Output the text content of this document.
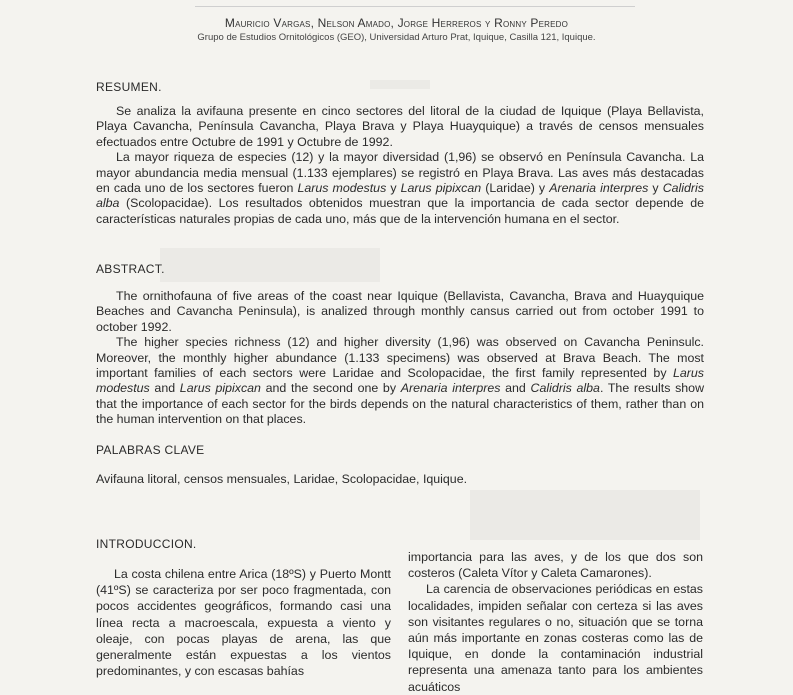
Mauricio Vargas, Nelson Amado, Jorge Herreros y Ronny Peredo
Grupo de Estudios Ornitológicos (GEO), Universidad Arturo Prat, Iquique, Casilla 121, Iquique.
RESUMEN.

Se analiza la avifauna presente en cinco sectores del litoral de la ciudad de Iquique (Playa Bellavista, Playa Cavancha, Península Cavancha, Playa Brava y Playa Huayquique) a través de censos mensuales efectuados entre Octubre de 1991 y Octubre de 1992.

La mayor riqueza de especies (12) y la mayor diversidad (1,96) se observó en Península Cavancha. La mayor abundancia media mensual (1.133 ejemplares) se registró en Playa Brava. Las aves más destacadas en cada uno de los sectores fueron Larus modestus y Larus pipixcan (Laridae) y Arenaria interpres y Calidris alba (Scolopacidae). Los resultados obtenidos muestran que la importancia de cada sector depende de características naturales propias de cada uno, más que de la intervención humana en el sector.

ABSTRACT.

The ornithofauna of five areas of the coast near Iquique (Bellavista, Cavancha, Brava and Huayquique Beaches and Cavancha Peninsula), is analized through monthly cansus carried out from october 1991 to october 1992.

The higher species richness (12) and higher diversity (1,96) was observed on Cavancha Peninsulc. Moreover, the monthly higher abundance (1.133 specimens) was observed at Brava Beach. The most important families of each sectors were Laridae and Scolopacidae, the first family represented by Larus modestus and Larus pipixcan and the second one by Arenaria interpres and Calidris alba. The results show that the importance of each sector for the birds depends on the natural characteristics of them, rather than on the human intervention on that places.

PALABRAS CLAVE
Avifauna litoral, censos mensuales, Laridae, Scolopacidae, Iquique.
INTRODUCCION.

La costa chilena entre Arica (18ºS) y Puerto Montt (41ºS) se caracteriza por ser poco fragmentada, con pocos accidentes geográficos, formando casi una línea recta a macroescala, expuesta a viento y oleaje, con pocas playas de arena, las que generalmente están expuestas a los vientos predominantes, y con escasas bahías

importancia para las aves, y de los que dos son costeros (Caleta Vítor y Caleta Camarones).

La carencia de observaciones periódicas en estas localidades, impiden señalar con certeza si las aves son visitantes regulares o no, situación que se torna aún más importante en zonas costeras como las de Iquique, en donde la contaminación industrial representa una amenaza tanto para los ambientes acuáticos
